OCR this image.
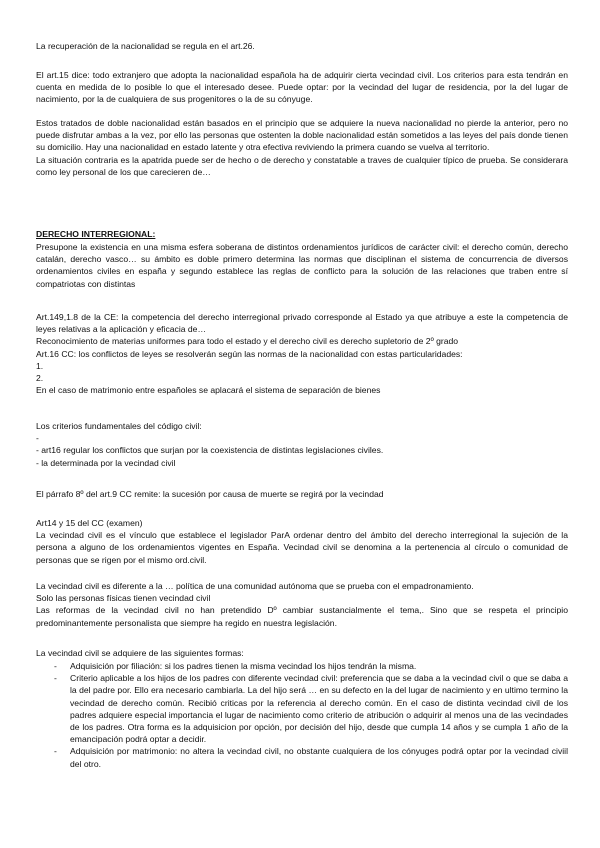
La recuperación de la nacionalidad se regula en el art.26.

El art.15 dice: todo extranjero que adopta la nacionalidad española ha de adquirir cierta vecindad civil. Los criterios para esta tendrán en cuenta en medida de lo posible lo que el interesado desee. Puede optar: por la vecindad del lugar de residencia, por la del lugar de nacimiento, por la de cualquiera de sus progenitores o la de su cónyuge.

Estos tratados de doble nacionalidad están basados en el principio que se adquiere la nueva nacionalidad no pierde la anterior, pero no puede disfrutar ambas a la vez, por ello las personas que ostenten la doble nacionalidad están sometidos a las leyes del país donde tienen su domicilio. Hay una nacionalidad en estado latente y otra efectiva reviviendo la primera cuando se vuelva al territorio.

La situación contraria es la apatrida puede ser de hecho o de derecho y constatable a traves de cualquier típico de prueba. Se considerara como ley personal de los que carecieren de…

DERECHO INTERREGIONAL:

Presupone la existencia en una misma esfera soberana de distintos ordenamientos jurídicos de carácter civil: el derecho común, derecho catalán, derecho vasco… su ámbito es doble primero determina las normas que disciplinan el sistema de concurrencia de diversos ordenamientos civiles en españa y segundo establece las reglas de conflicto para la solución de las relaciones que traben entre sí compatriotas con distintas

Art.149,1.8 de la CE: la competencia del derecho interregional privado corresponde al Estado ya que atribuye a este la competencia de leyes relativas a la aplicación y eficacia de…

Reconocimiento de materias uniformes para todo el estado y el derecho civil es derecho supletorio de 2º grado

Art.16 CC: los conflictos de leyes se resolverán según las normas de la nacionalidad con estas particularidades:

1.

2.

En el caso de matrimonio entre españoles se aplacará el sistema de separación de bienes

Los criterios fundamentales del código civil:

-

- art16 regular los conflictos que surjan por la coexistencia de distintas legislaciones civiles.

- la determinada por la vecindad civil

El párrafo 8º del art.9 CC remite: la sucesión por causa de muerte se regirá por la vecindad

Art14 y 15 del CC (examen)

La vecindad civil es el vínculo que establece el legislador ParA ordenar dentro del ámbito del derecho interregional la sujeción de la persona a alguno de los ordenamientos vigentes en España. Vecindad civil se denomina a la pertenencia al círculo o comunidad de personas que se rigen por el mismo ord.civil.

La vecindad civil es diferente a la … política de una comunidad autónoma que se prueba con el empadronamiento.

Solo las personas físicas tienen vecindad civil

Las reformas de la vecindad civil no han pretendido Dº cambiar sustancialmente el tema,. Sino que se respeta el principio predominantemente personalista que siempre ha regido en nuestra legislación.

La vecindad civil se adquiere de las siguientes formas:

- Adquisición por filiación: si los padres tienen la misma vecindad los hijos tendrán la misma.
- Criterio aplicable a los hijos de los padres con diferente vecindad civil: preferencia que se daba a la vecindad civil o que se daba a la del padre por. Ello era necesario cambiarla. La del hijo será … en su defecto en la del lugar de nacimiento y en ultimo termino la vecindad de derecho común. Recibió criticas por la referencia al derecho común. En el caso de distinta vecindad civil de los padres adquiere especial importancia el lugar de nacimiento como criterio de atribución o adquirir al menos una de las vecindades de los padres. Otra forma es la adquisicion por opción, por decisión del hijo, desde que cumpla 14 años y se cumpla 1 año de la emancipación podrá optar a decidir.
- Adquisición por matrimonio: no altera la vecindad civil, no obstante cualquiera de los cónyuges podrá optar por la vecindad civiil del otro.
